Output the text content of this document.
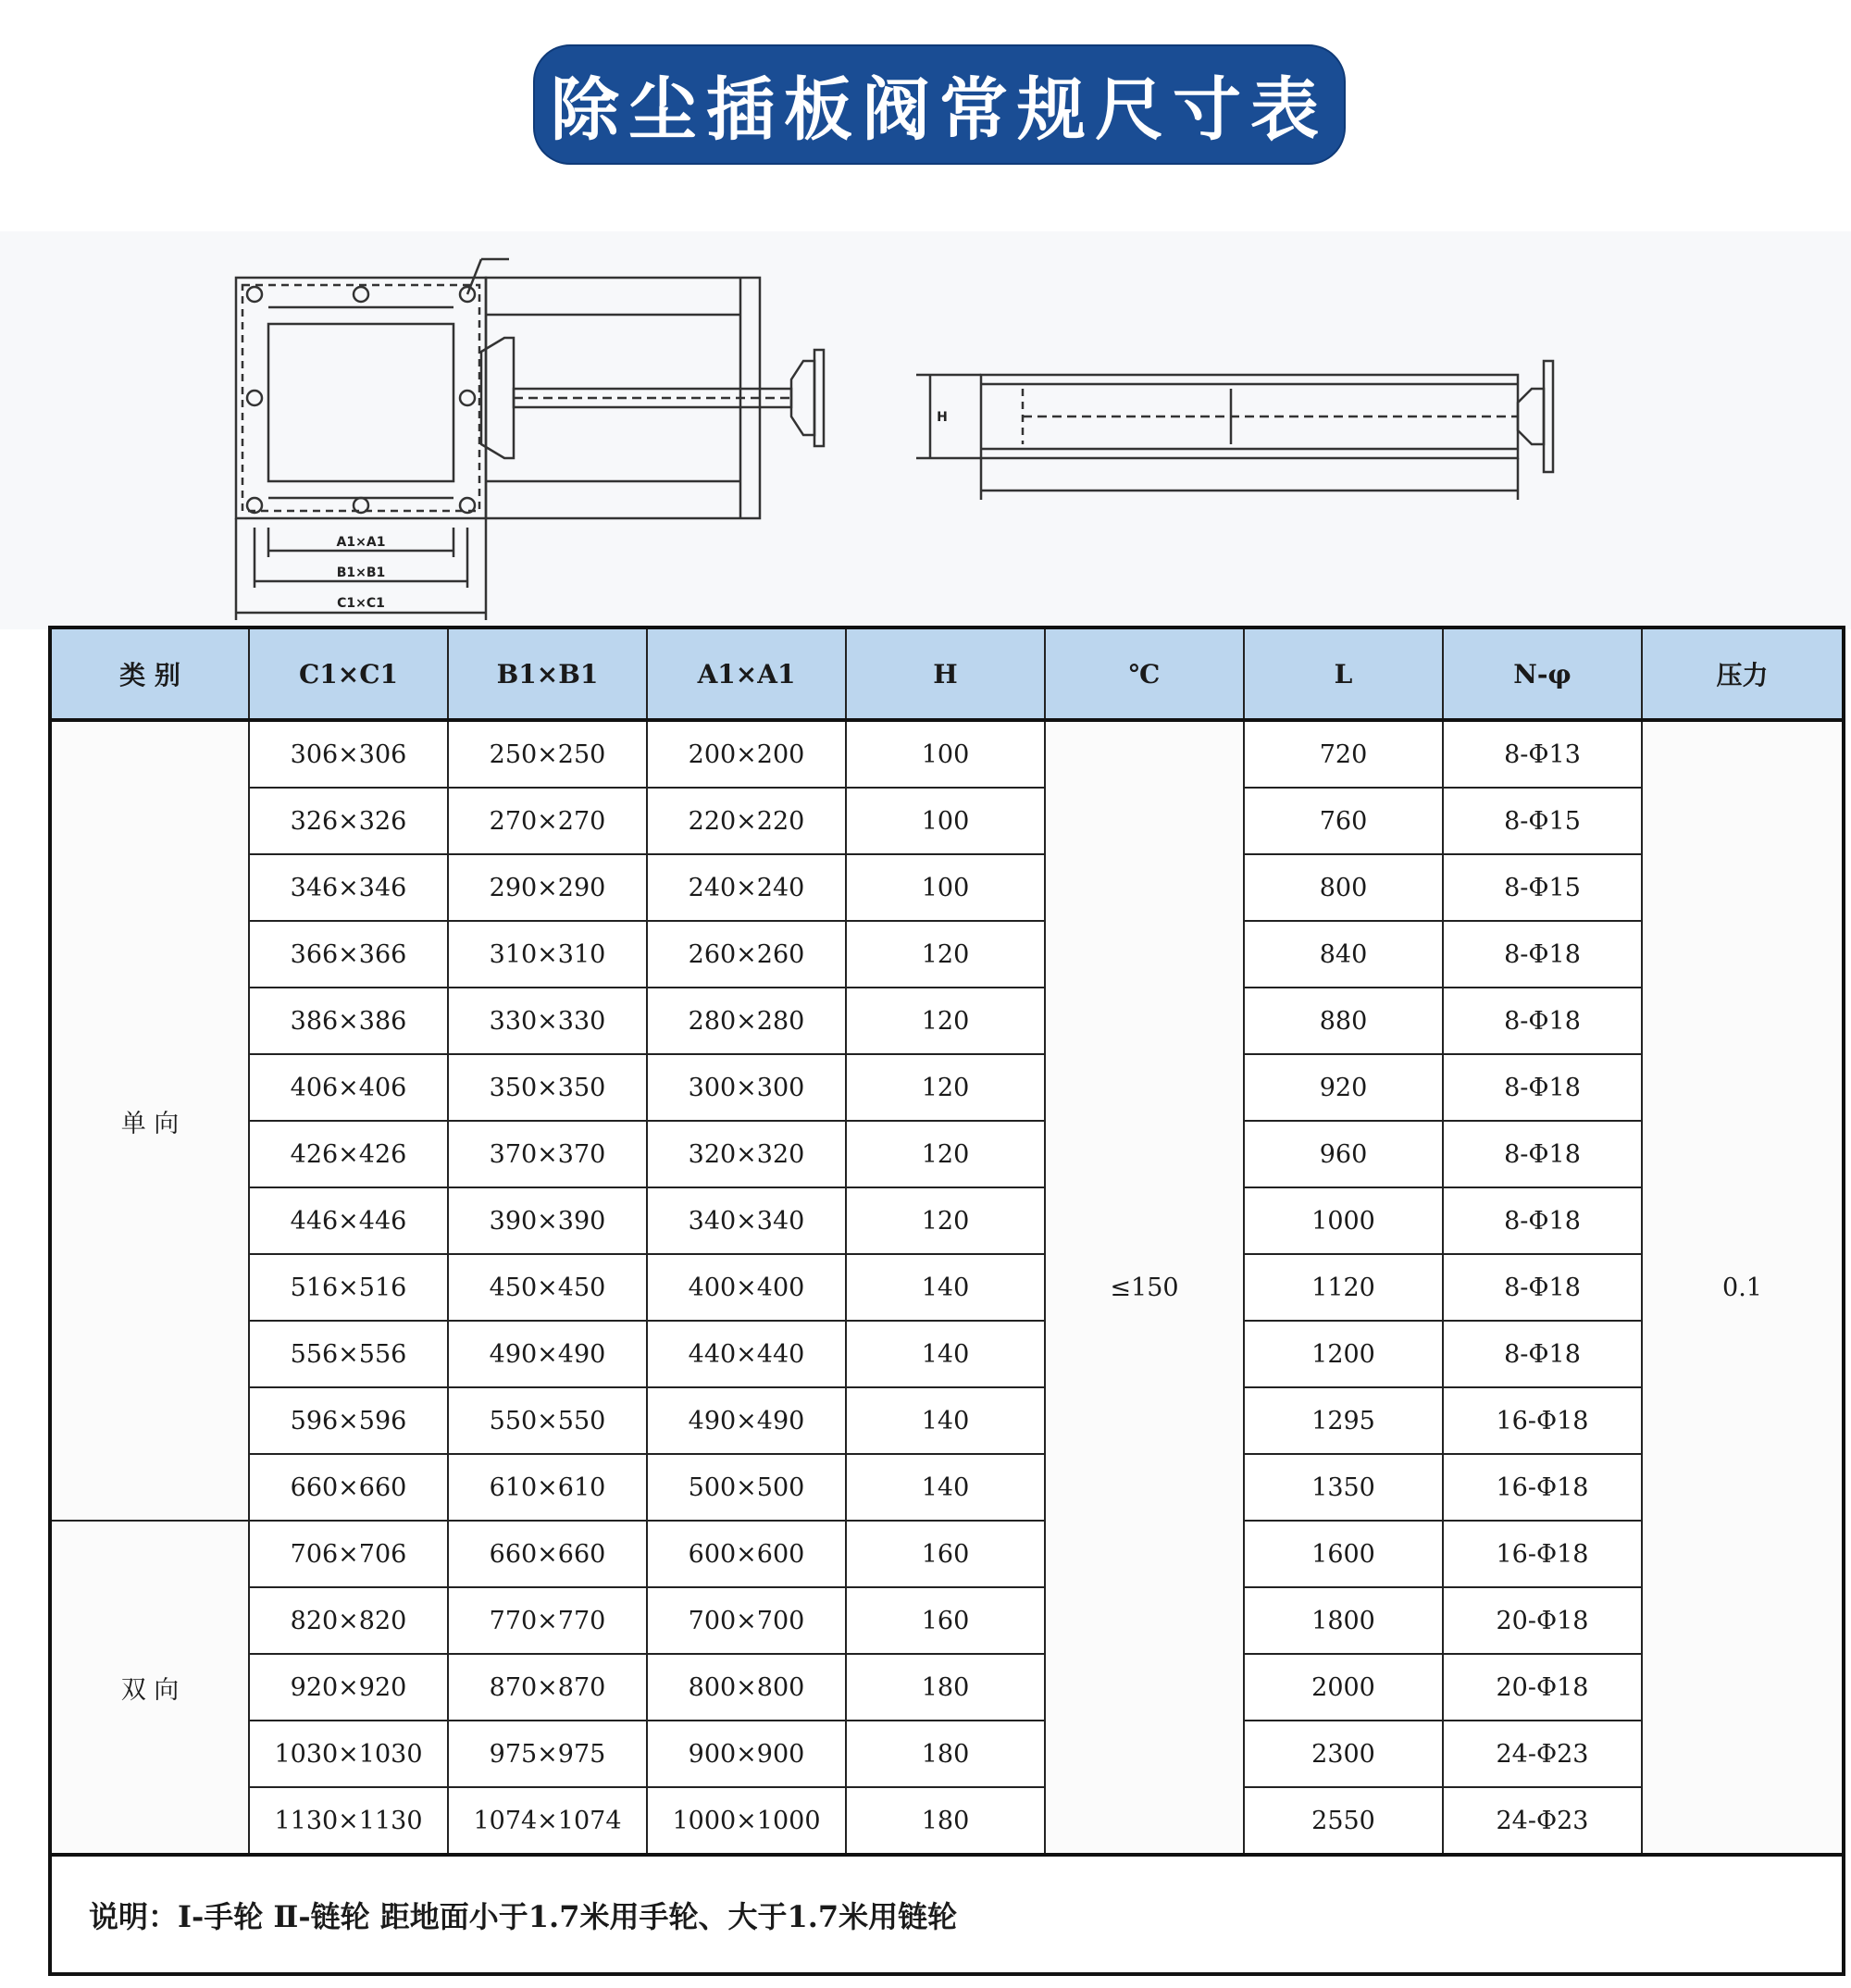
除尘插板阀常规尺寸表
A1×A1
B1×B1
C1×C1
H
类 别	C1×C1	B1×B1	A1×A1	H	℃	L	N-φ	压力
单 向	306×306	250×250	200×200	100	≤150	720	8-Φ13	0.1
	326×326	270×270	220×220	100		760	8-Φ15	
	346×346	290×290	240×240	100		800	8-Φ15	
	366×366	310×310	260×260	120		840	8-Φ18	
	386×386	330×330	280×280	120		880	8-Φ18	
	406×406	350×350	300×300	120		920	8-Φ18	
	426×426	370×370	320×320	120		960	8-Φ18	
	446×446	390×390	340×340	120		1000	8-Φ18	
	516×516	450×450	400×400	140		1120	8-Φ18	
	556×556	490×490	440×440	140		1200	8-Φ18	
	596×596	550×550	490×490	140		1295	16-Φ18	
	660×660	610×610	500×500	140		1350	16-Φ18	
双 向	706×706	660×660	600×600	160		1600	16-Φ18	
	820×820	770×770	700×700	160		1800	20-Φ18	
	920×920	870×870	800×800	180		2000	20-Φ18	
	1030×1030	975×975	900×900	180		2300	24-Φ23	
	1130×1130	1074×1074	1000×1000	180		2550	24-Φ23	
说明：Ⅰ-手轮 Ⅱ-链轮 距地面小于1.7米用手轮、大于1.7米用链轮								
